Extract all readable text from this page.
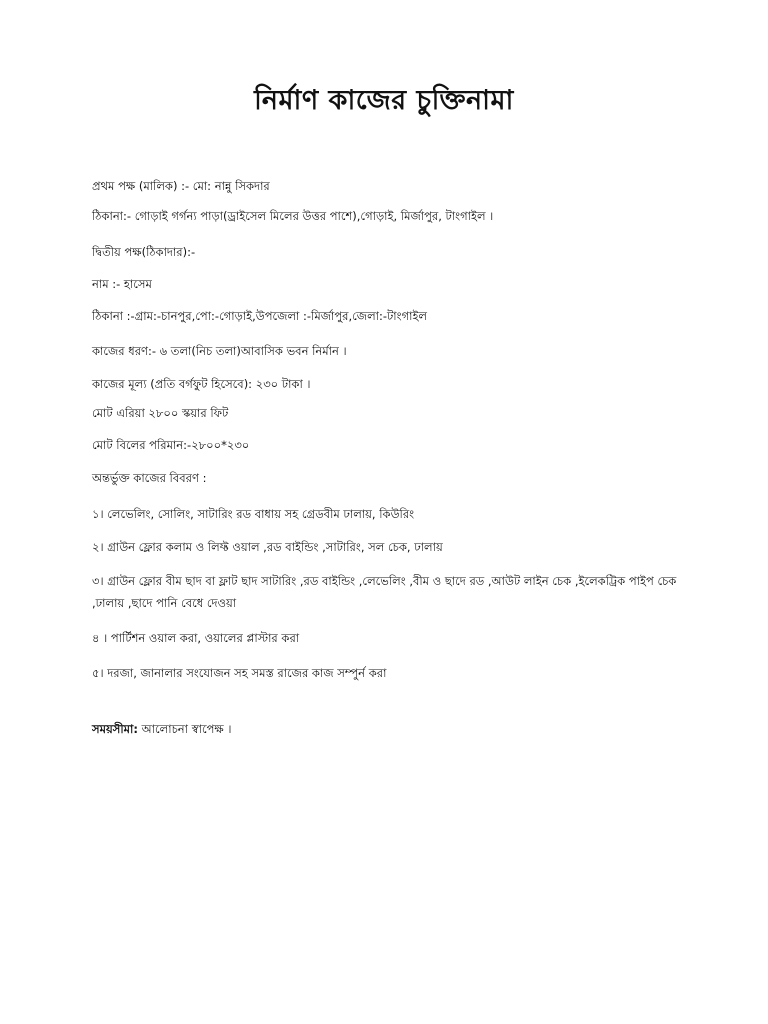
নির্মাণ কাজের চুক্তিনামা
প্রথম পক্ষ (মালিক) :- মো: নান্নু সিকদার
ঠিকানা:- গোড়াই গর্গন্য পাড়া(ড্রাইসেল মিলের উত্তর পাশে),গোড়াই, মির্জাপুর, টাংগাইল ।
দ্বিতীয় পক্ষ(ঠিকাদার):-
নাম :- হাসেম
ঠিকানা :-গ্রাম:-চানপুর,পো:-গোড়াই,উপজেলা :-মির্জাপুর,জেলা:-টাংগাইল
কাজের ধরণ:- ৬ তলা(নিচ তলা)আবাসিক ভবন নির্মান ।
কাজের মূল্য (প্রতি বর্গফুট হিসেবে): ২৩০ টাকা ।
মোট এরিয়া ২৮০০ স্কয়ার ফিট
মোট বিলের পরিমান:-২৮০০*২৩০
অন্তর্ভুক্ত কাজের বিবরণ :
১। লেভেলিং, সোলিং, সাটারিং রড বাধায় সহ গ্রেডবীম ঢালায়, কিউরিং
২। গ্রাউন ফ্লোর কলাম ও লিফ্ট ওয়াল ,রড বাইন্ডিং ,সাটারিং, সল চেক, ঢালায়
৩। গ্রাউন ফ্লোর বীম ছাদ বা ফ্লাট ছাদ সাটারিং ,রড বাইন্ডিং ,লেভেলিং ,বীম ও ছাদে রড ,আউট লাইন চেক ,ইলেকট্রিক পাইপ চেক ,ঢালায় ,ছাদে পানি বেধে দেওয়া
৪ । পার্টিশন ওয়াল করা, ওয়ালের প্লাস্টার করা
৫। দরজা, জানালার সংযোজন সহ সমস্ত রাজের কাজ সম্পুর্ন করা
সময়সীমা: আলোচনা স্বাপেক্ষ ।
